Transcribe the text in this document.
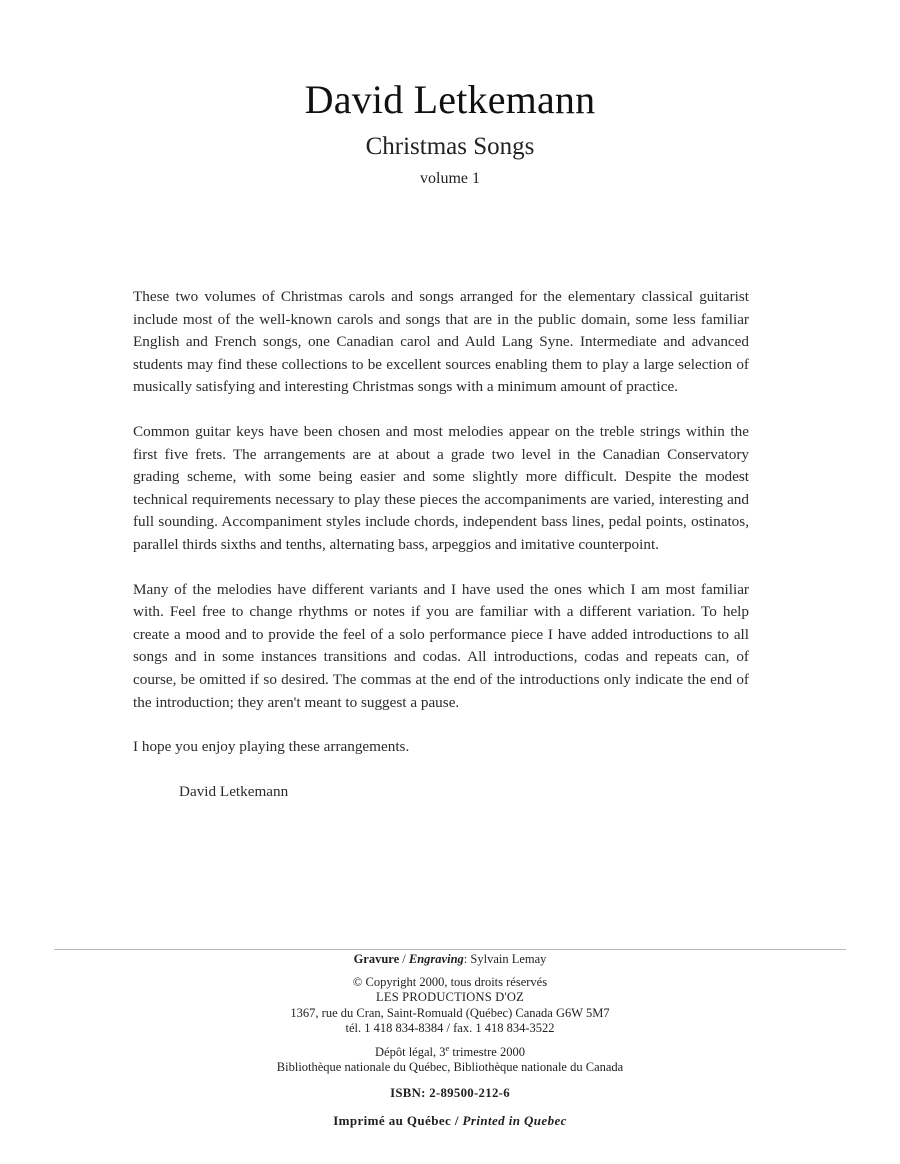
David Letkemann
Christmas Songs
volume 1

These two volumes of Christmas carols and songs arranged for the elementary classical guitarist include most of the well-known carols and songs that are in the public domain, some less familiar English and French songs, one Canadian carol and Auld Lang Syne. Intermediate and advanced students may find these collections to be excellent sources enabling them to play a large selection of musically satisfying and interesting Christmas songs with a minimum amount of practice.

Common guitar keys have been chosen and most melodies appear on the treble strings within the first five frets. The arrangements are at about a grade two level in the Canadian Conservatory grading scheme, with some being easier and some slightly more difficult. Despite the modest technical requirements necessary to play these pieces the accompaniments are varied, interesting and full sounding. Accompaniment styles include chords, independent bass lines, pedal points, ostinatos, parallel thirds sixths and tenths, alternating bass, arpeggios and imitative counterpoint.

Many of the melodies have different variants and I have used the ones which I am most familiar with. Feel free to change rhythms or notes if you are familiar with a different variation. To help create a mood and to provide the feel of a solo performance piece I have added introductions to all songs and in some instances transitions and codas. All introductions, codas and repeats can, of course, be omitted if so desired. The commas at the end of the introductions only indicate the end of the introduction; they aren't meant to suggest a pause.

I hope you enjoy playing these arrangements.

David Letkemann

Gravure / Engraving: Sylvain Lemay
© Copyright 2000, tous droits réservés
LES PRODUCTIONS D'OZ
1367, rue du Cran, Saint-Romuald (Québec) Canada G6W 5M7
tél. 1 418 834-8384 / fax. 1 418 834-3522
Dépôt légal, 3e trimestre 2000
Bibliothèque nationale du Québec, Bibliothèque nationale du Canada
ISBN: 2-89500-212-6
Imprimé au Québec / Printed in Quebec
